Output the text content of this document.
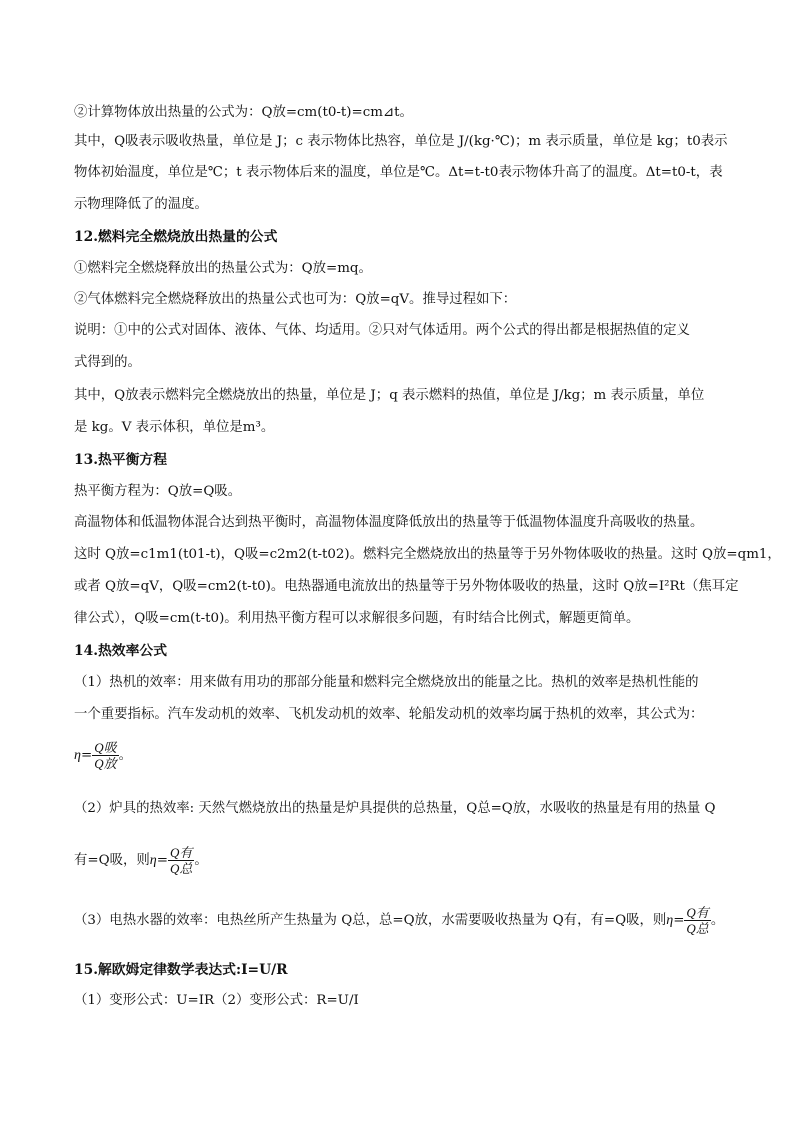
②计算物体放出热量的公式为：Q放=cm(t0-t)=cm⊿t。
其中，Q吸表示吸收热量，单位是 J；c 表示物体比热容，单位是 J/(kg·℃)；m 表示质量，单位是 kg；t0表示
物体初始温度，单位是℃；t 表示物体后来的温度，单位是℃。Δt=t-t0表示物体升高了的温度。Δt=t0-t，表
示物理降低了的温度。
12.燃料完全燃烧放出热量的公式
①燃料完全燃烧释放出的热量公式为：Q放=mq。
②气体燃料完全燃烧释放出的热量公式也可为：Q放=qV。推导过程如下：
说明：①中的公式对固体、液体、气体、均适用。②只对气体适用。两个公式的得出都是根据热值的定义
式得到的。
其中，Q放表示燃料完全燃烧放出的热量，单位是 J；q 表示燃料的热值，单位是 J/kg；m 表示质量，单位
是 kg。V 表示体积，单位是m³。
13.热平衡方程
热平衡方程为：Q放=Q吸。
高温物体和低温物体混合达到热平衡时，高温物体温度降低放出的热量等于低温物体温度升高吸收的热量。
这时 Q放=c1m1(t01-t)，Q吸=c2m2(t-t02)。燃料完全燃烧放出的热量等于另外物体吸收的热量。这时 Q放=qm1，
或者 Q放=qV，Q吸=cm2(t-t0)。电热器通电流放出的热量等于另外物体吸收的热量，这时 Q放=I²Rt（焦耳定
律公式），Q吸=cm(t-t0)。利用热平衡方程可以求解很多问题，有时结合比例式，解题更简单。
14.热效率公式
（1）热机的效率：用来做有用功的那部分能量和燃料完全燃烧放出的能量之比。热机的效率是热机性能的
一个重要指标。汽车发动机的效率、飞机发动机的效率、轮船发动机的效率均属于热机的效率，其公式为：
$\eta= \frac{\text{Q吸}}{\text{Q放}}$ 。
（2）炉具的热效率: 天然气燃烧放出的热量是炉具提供的总热量，Q总=Q放，水吸收的热量是有用的热量 Q
有=Q吸，则$\eta= \frac{\text{Q有}}{\text{Q总}}$ 。
（3）电热水器的效率：电热丝所产生热量为 Q总，总=Q放，水需要吸收热量为 Q有，有=Q吸，则$\eta= \frac{\text{Q有}}{\text{Q总}}$ 。
15.解欧姆定律数学表达式:I=U/R
（1）变形公式：U=IR（2）变形公式：R=U/I
